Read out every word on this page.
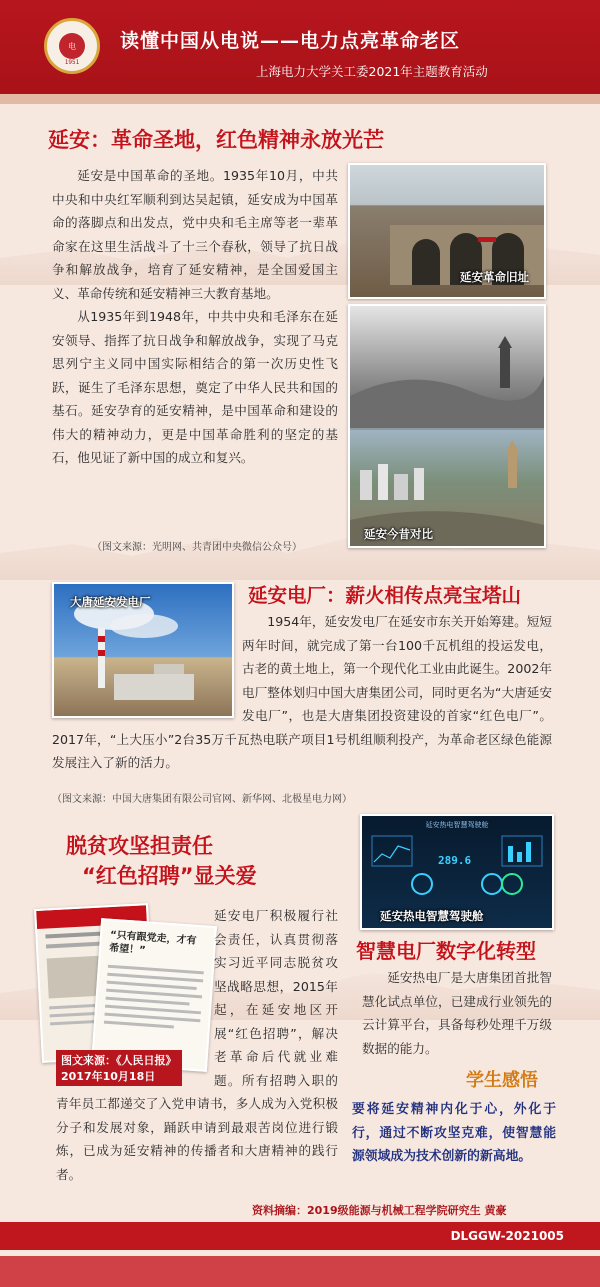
电
1951
读懂中国从电说——电力点亮革命老区
上海电力大学关工委2021年主题教育活动
延安：革命圣地，红色精神永放光芒

延安是中国革命的圣地。1935年10月，中共中央和中央红军顺利到达吴起镇，延安成为中国革命的落脚点和出发点，党中央和毛主席等老一辈革命家在这里生活战斗了十三个春秋，领导了抗日战争和解放战争，培育了延安精神，是全国爱国主义、革命传统和延安精神三大教育基地。

从1935年到1948年，中共中央和毛泽东在延安领导、指挥了抗日战争和解放战争，实现了马克思列宁主义同中国实际相结合的第一次历史性飞跃，诞生了毛泽东思想，奠定了中华人民共和国的基石。延安孕育的延安精神，是中国革命和建设的伟大的精神动力，更是中国革命胜利的坚定的基石，他见证了新中国的成立和复兴。

（图文来源：光明网、共青团中央微信公众号）
延安革命旧址
延安今昔对比
大唐延安发电厂	延安电厂：薪火相传点亮宝塔山

1954年，延安发电厂在延安市东关开始筹建。短短两年时间，就完成了第一台100千瓦机组的投运发电，古老的黄土地上，第一个现代化工业由此诞生。2002年电厂整体划归中国大唐集团公司，同时更名为“大唐延安发电厂”，也是大唐集团投资建设的首家“红色电厂”。2017年，“上大压小”2台35万千瓦热电联产项目1号机组顺利投产，为革命老区绿色能源发展注入了新的活力。

（图文来源：中国大唐集团有限公司官网、新华网、北极星电力网）
脱贫攻坚担责任
“红色招聘”显关爱
“只有跟党走，才有希望！”
图文来源：《人民日报》
2017年10月18日

延安电厂积极履行社会责任，认真贯彻落实习近平同志脱贫攻坚战略思想，2015年起，在延安地区开展“红色招聘”，解决老革命后代就业难题。所有招聘入职的青年员工都递交了入党申请书，多人成为入党积极分子和发展对象，踊跃申请到最艰苦岗位进行锻炼，已成为延安精神的传播者和大唐精神的践行者。

延安热电智慧驾驶舱
289.6
延安热电智慧驾驶舱
智慧电厂数字化转型

延安热电厂是大唐集团首批智慧化试点单位，已建成行业领先的云计算平台，具备每秒处理千万级数据的能力。

学生感悟

要将延安精神内化于心，外化于行，通过不断攻坚克难，使智慧能源领域成为技术创新的新高地。

资料摘编：2019级能源与机械工程学院研究生 黄豪
DLGGW-2021005
